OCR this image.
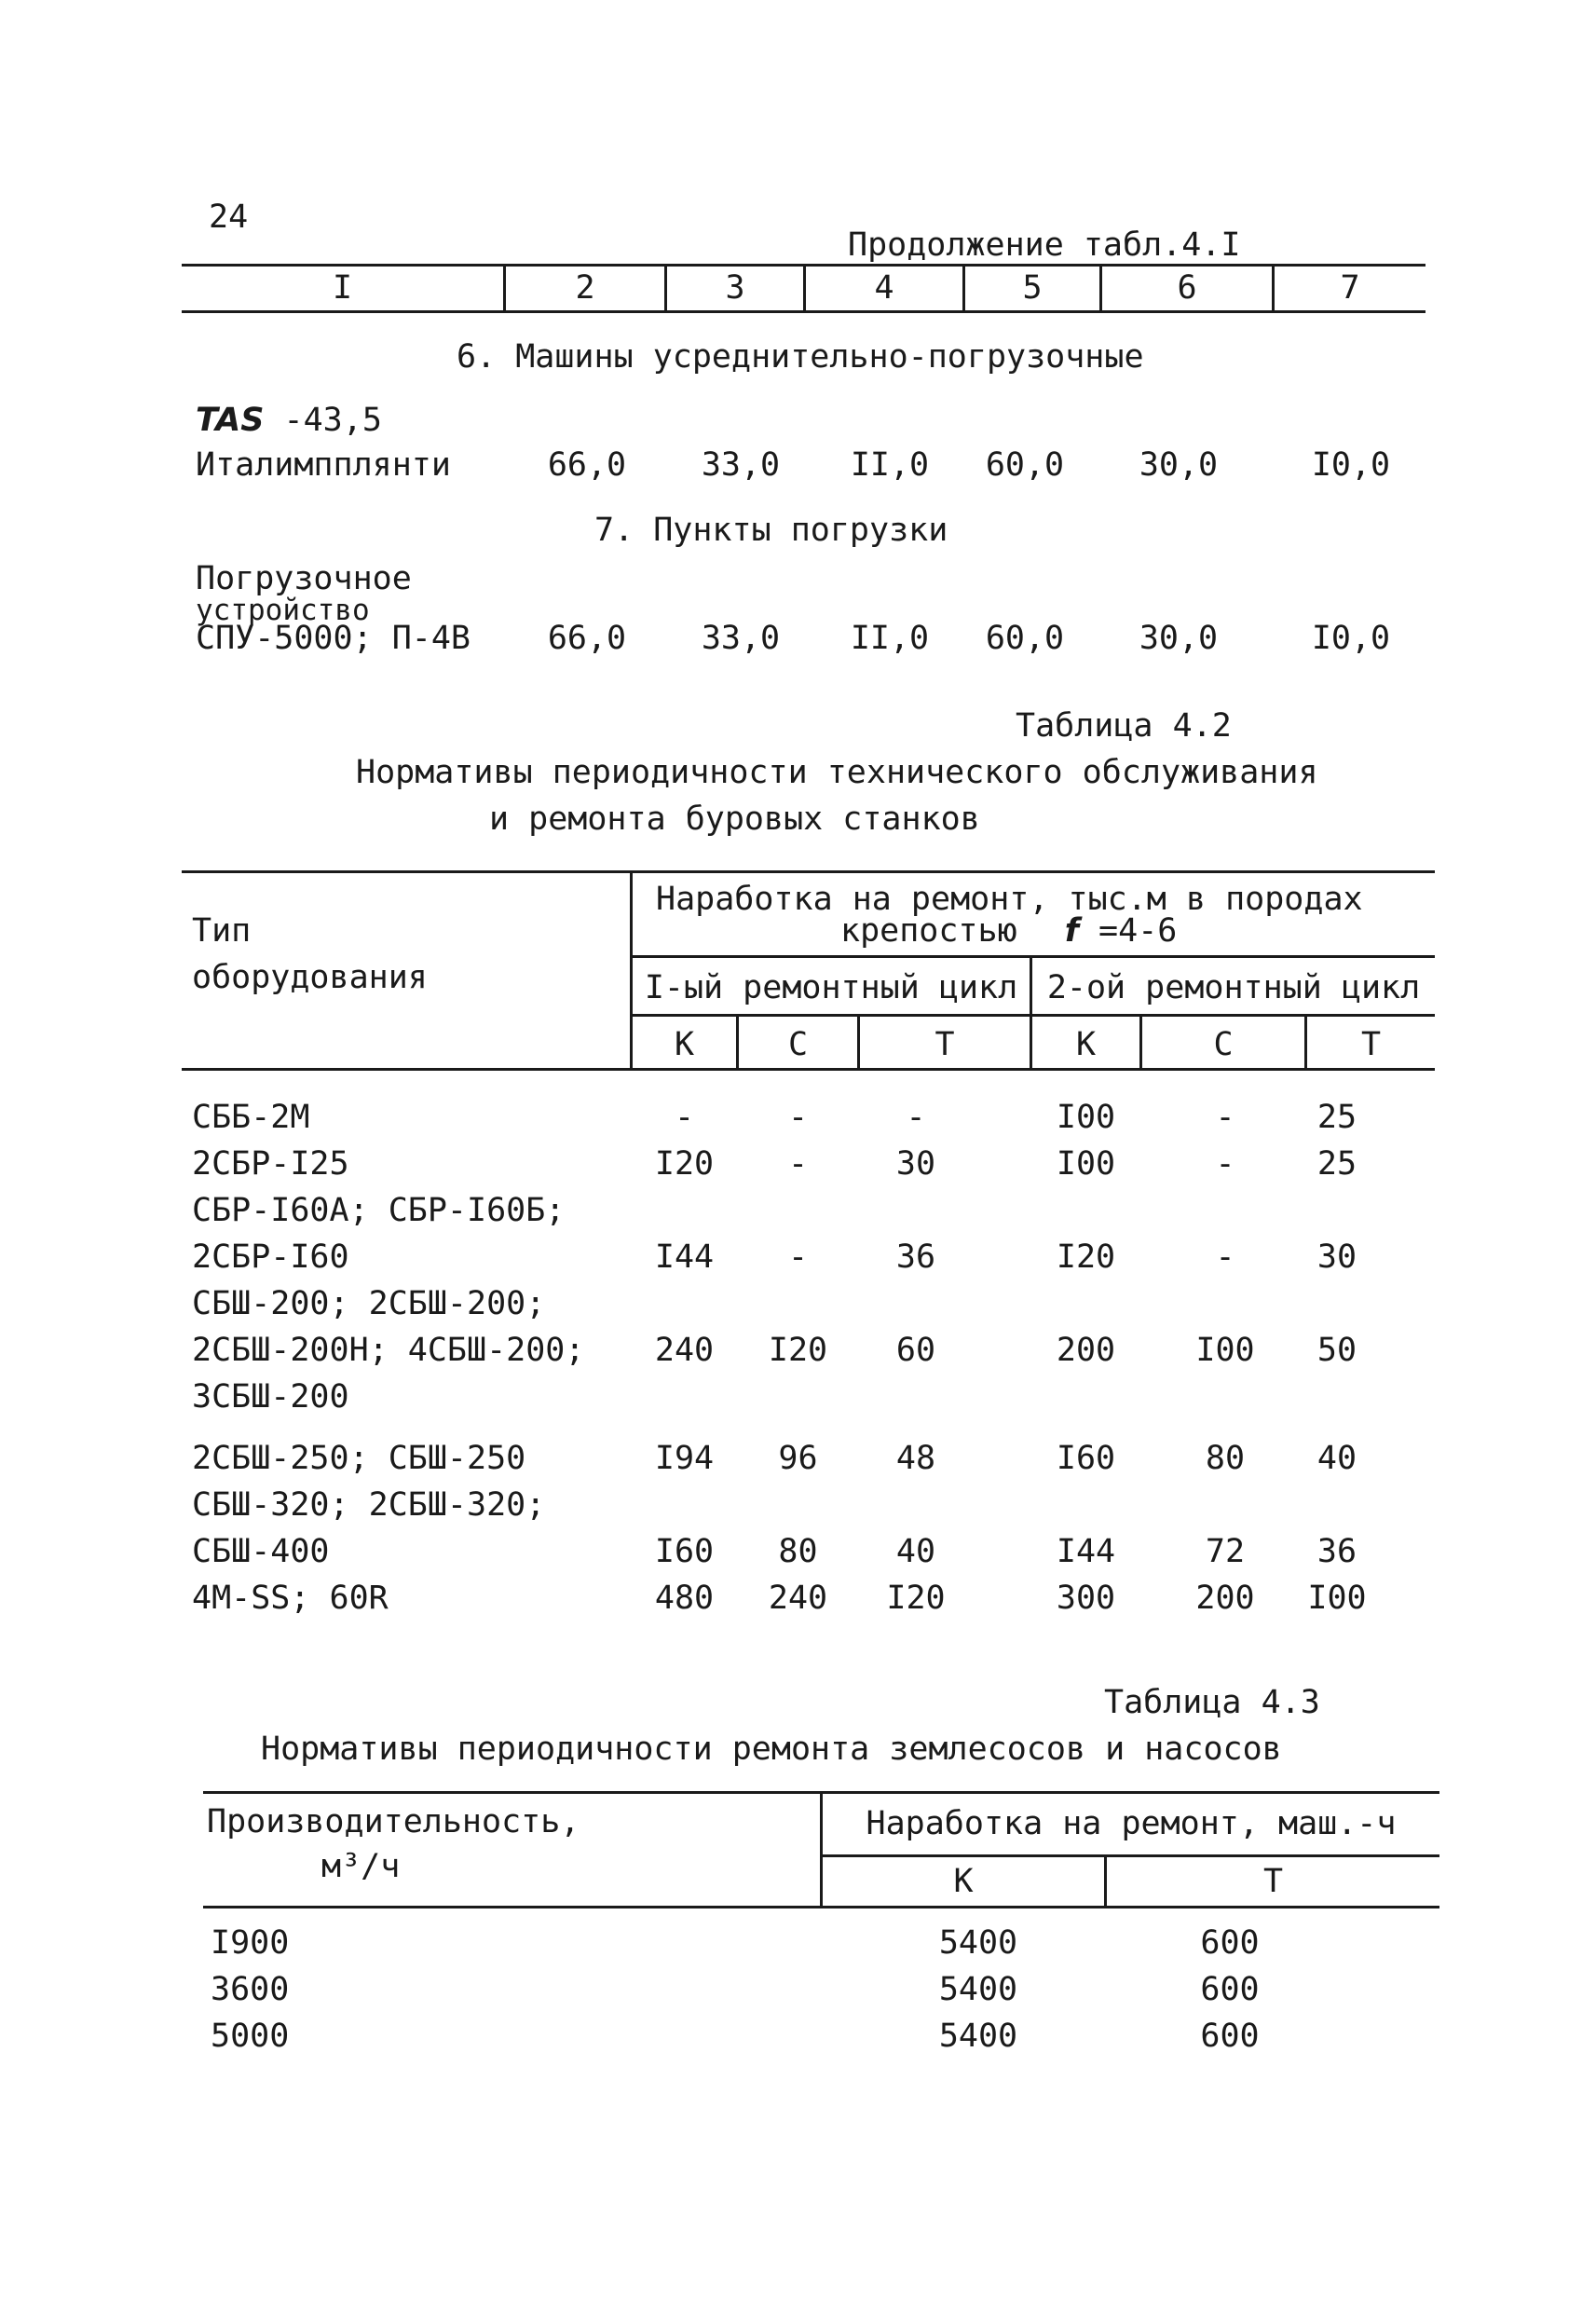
24
Продолжение табл.4.I
I	2	3	4	5	6	7
6. Машины усреднительно-погрузочные
TAS -43,5
Италимпплянти	66,0	33,0	II,0	60,0	30,0	I0,0
7. Пункты погрузки
Погрузочное
устройство
СПУ-5000; П-4В	66,0	33,0	II,0	60,0	30,0	I0,0
Таблица 4.2
Нормативы периодичности технического обслуживания
и ремонта буровых станков
Тип
оборудования
Наработка на ремонт, тыс.м в породах
крепостью f =4-6
I-ый ремонтный цикл 2-ой ремонтный цикл
К	С	Т	К	С	Т
СББ-2М	-	-	-	I00	-	25
2СБР-I25	I20	-	30	I00	-	25
СБР-I60А; СБР-I60Б;
2СБР-I60	I44	-	36	I20	-	30
СБШ-200; 2СБШ-200;
2СБШ-200Н; 4СБШ-200;	240	I20	60	200	I00	50
3СБШ-200
2СБШ-250; СБШ-250	I94	96	48	I60	80	40
СБШ-320; 2СБШ-320;
СБШ-400	I60	80	40	I44	72	36
4М-SS; 60R	480	240	I20	300	200	I00
Таблица 4.3
Нормативы периодичности ремонта землесосов и насосов
Производительность,
м³/ч
Наработка на ремонт, маш.-ч
К	Т
I900	5400	600
3600	5400	600
5000	5400	600
